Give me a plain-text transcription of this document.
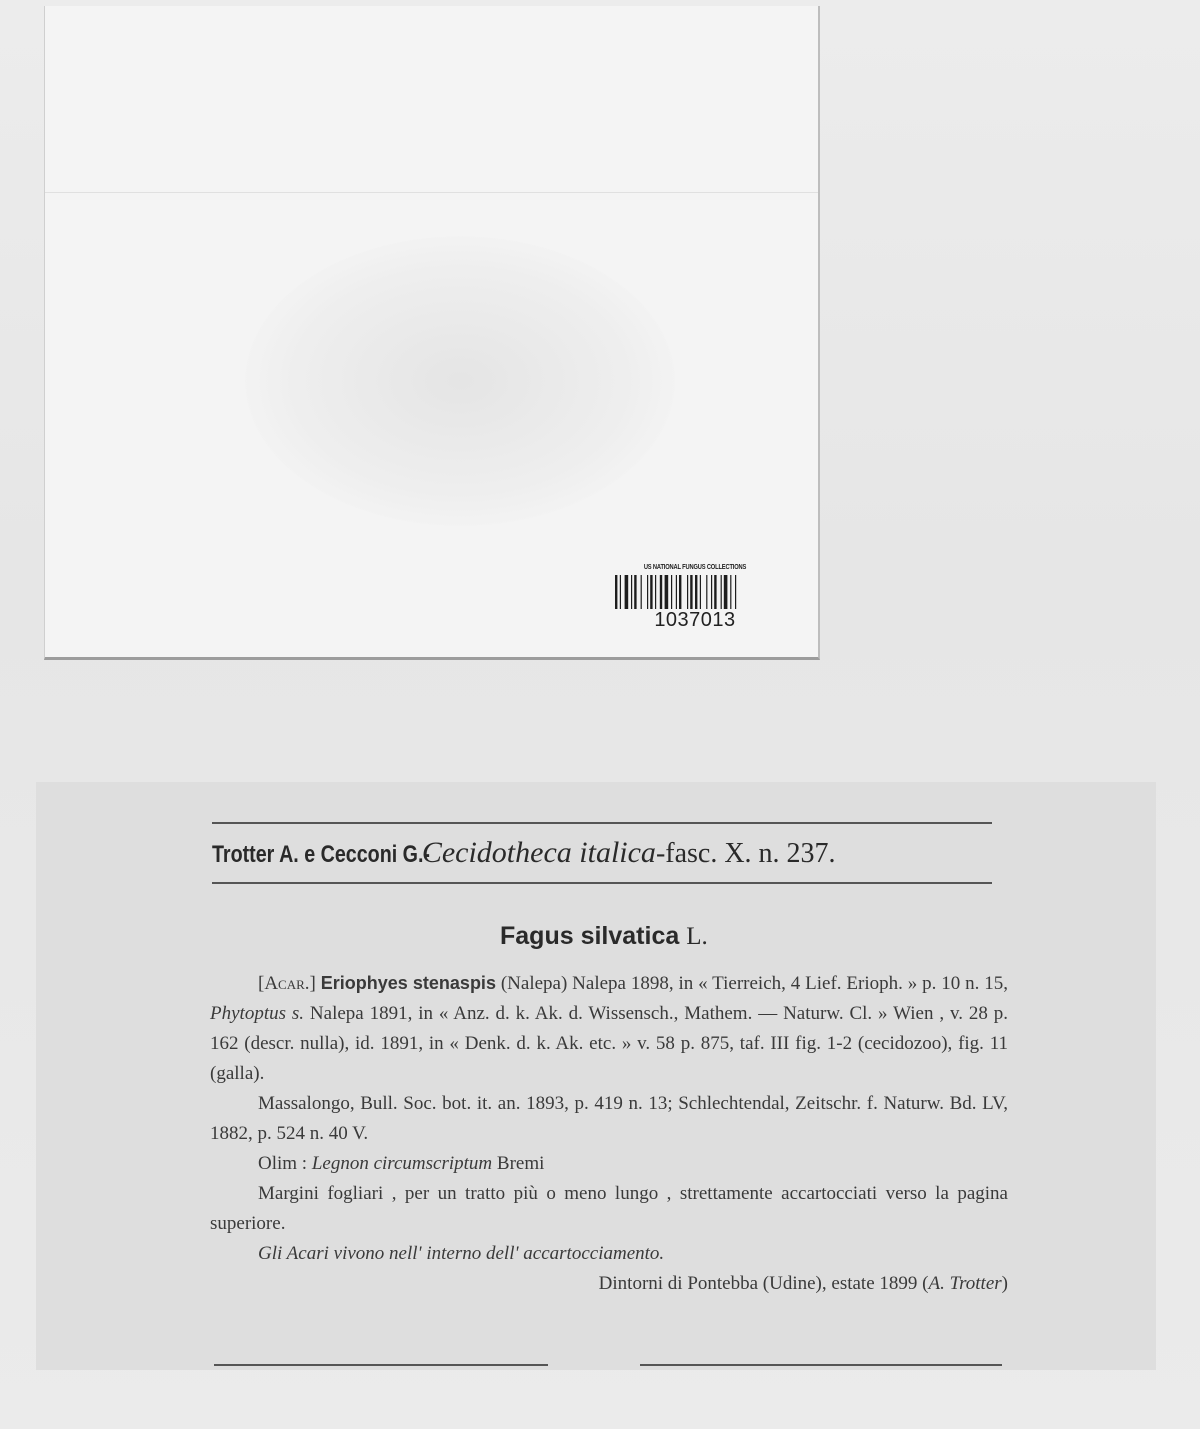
US NATIONAL FUNGUS COLLECTIONS
1037013
Trotter A. e Cecconi G.-Cecidotheca italica-fasc. X. n. 237.
Fagus silvatica L.

[Acar.] Eriophyes stenaspis (Nalepa) Nalepa 1898, in « Tierreich, 4 Lief. Erioph. » p. 10 n. 15, Phytoptus s. Nalepa 1891, in « Anz. d. k. Ak. d. Wissensch., Mathem. — Naturw. Cl. » Wien , v. 28 p. 162 (descr. nulla), id. 1891, in « Denk. d. k. Ak. etc. » v. 58 p. 875, taf. III fig. 1-2 (cecidozoo), fig. 11 (galla).

Massalongo, Bull. Soc. bot. it. an. 1893, p. 419 n. 13; Schlechtendal, Zeitschr. f. Naturw. Bd. LV, 1882, p. 524 n. 40 V.

Olim : Legnon circumscriptum Bremi

Margini fogliari , per un tratto più o meno lungo , strettamente accartocciati verso la pagina superiore.

Gli Acari vivono nell' interno dell' accartocciamento.

Dintorni di Pontebba (Udine), estate 1899 (A. Trotter)
